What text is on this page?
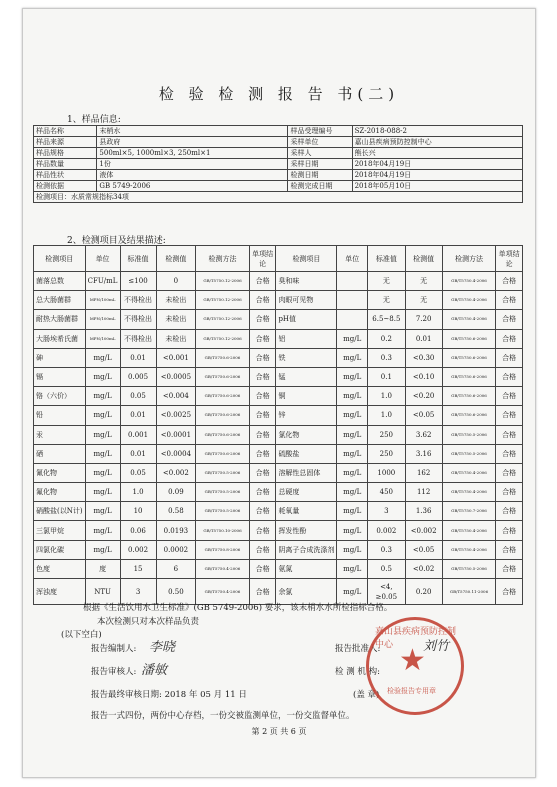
检 验 检 测 报 告 书(二)
1、样品信息:
样品名称	末梢水	样品受理编号	SZ-2018-088-2
样品来源	县政府	采样单位	嘉山县疾病预防控制中心
样品规格	500ml×5, 1000ml×3, 250ml×1	采样人	熊长兴
样品数量	1份	采样日期	2018年04月19日
样品性状	液体	检测日期	2018年04月19日
检测依据	GB 5749-2006	检测完成日期	2018年05月10日
检测项目：水质常规指标34项			
2、检测项目及结果描述:
检测项目	单位	标准值	检测值	检测方法	单项结论	检测项目	单位	标准值	检测值	检测方法	单项结论
菌落总数	CFU/mL	≤100	0	GB/T5750.12-2006	合格	臭和味		无	无	GB/T5750.4-2006	合格
总大肠菌群	MPN/100mL	不得检出	未检出	GB/T5750.12-2006	合格	肉眼可见物		无	无	GB/T5750.4-2006	合格
耐热大肠菌群	MPN/100mL	不得检出	未检出	GB/T5750.12-2006	合格	pH值		6.5~8.5	7.20	GB/T5750.4-2006	合格
大肠埃希氏菌	MPN/100mL	不得检出	未检出	GB/T5750.12-2006	合格	铝	mg/L	0.2	0.01	GB/T5750.6-2006	合格
砷	mg/L	0.01	<0.001	GB/T5750.6-2006	合格	铁	mg/L	0.3	<0.30	GB/T5750.6-2006	合格
镉	mg/L	0.005	<0.0005	GB/T5750.6-2006	合格	锰	mg/L	0.1	<0.10	GB/T5750.6-2006	合格
铬（六价）	mg/L	0.05	<0.004	GB/T5750.6-2006	合格	铜	mg/L	1.0	<0.20	GB/T5750.6-2006	合格
铅	mg/L	0.01	<0.0025	GB/T5750.6-2006	合格	锌	mg/L	1.0	<0.05	GB/T5750.6-2006	合格
汞	mg/L	0.001	<0.0001	GB/T5750.6-2006	合格	氯化物	mg/L	250	3.62	GB/T5750.5-2006	合格
硒	mg/L	0.01	<0.0004	GB/T5750.6-2006	合格	硫酸盐	mg/L	250	3.16	GB/T5750.5-2006	合格
氰化物	mg/L	0.05	<0.002	GB/T5750.5-2006	合格	溶解性总固体	mg/L	1000	162	GB/T5750.4-2006	合格
氟化物	mg/L	1.0	0.09	GB/T5750.5-2006	合格	总硬度	mg/L	450	112	GB/T5750.4-2006	合格
硝酸盐(以N计)	mg/L	10	0.58	GB/T5750.5-2006	合格	耗氧量	mg/L	3	1.36	GB/T5750.7-2006	合格
三氯甲烷	mg/L	0.06	0.0193	GB/T5750.10-2006	合格	挥发性酚	mg/L	0.002	<0.002	GB/T5750.4-2006	合格
四氯化碳	mg/L	0.002	0.0002	GB/T5750.8-2006	合格	阴离子合成洗涤剂	mg/L	0.3	<0.05	GB/T5750.4-2006	合格
色度	度	15	6	GB/T5750.4-2006	合格	氨氮	mg/L	0.5	<0.02	GB/T5750.5-2006	合格
浑浊度	NTU	3	0.50	GB/T5750.4-2006	合格	余氯	mg/L	<4, ≥0.05	0.20	GB/T5750.11-2006	合格
根据《生活饮用水卫生标准》(GB 5749-2006) 要求，该末梢水水所检指标合格。
本次检测只对本次样品负责
(以下空白)
报告编制人: 李晓
报告审核人: 潘敏
报告最终审核日期: 2018 年 05 月 11 日
报告一式四份，两份中心存档，一份交被监测单位，一份交监督单位。
报告批准人:	刘竹
检 测 机 构:
(盖 章)
嘉山县疾病预防控制中心 ★
检验报告专用章
第 2 页 共 6 页
